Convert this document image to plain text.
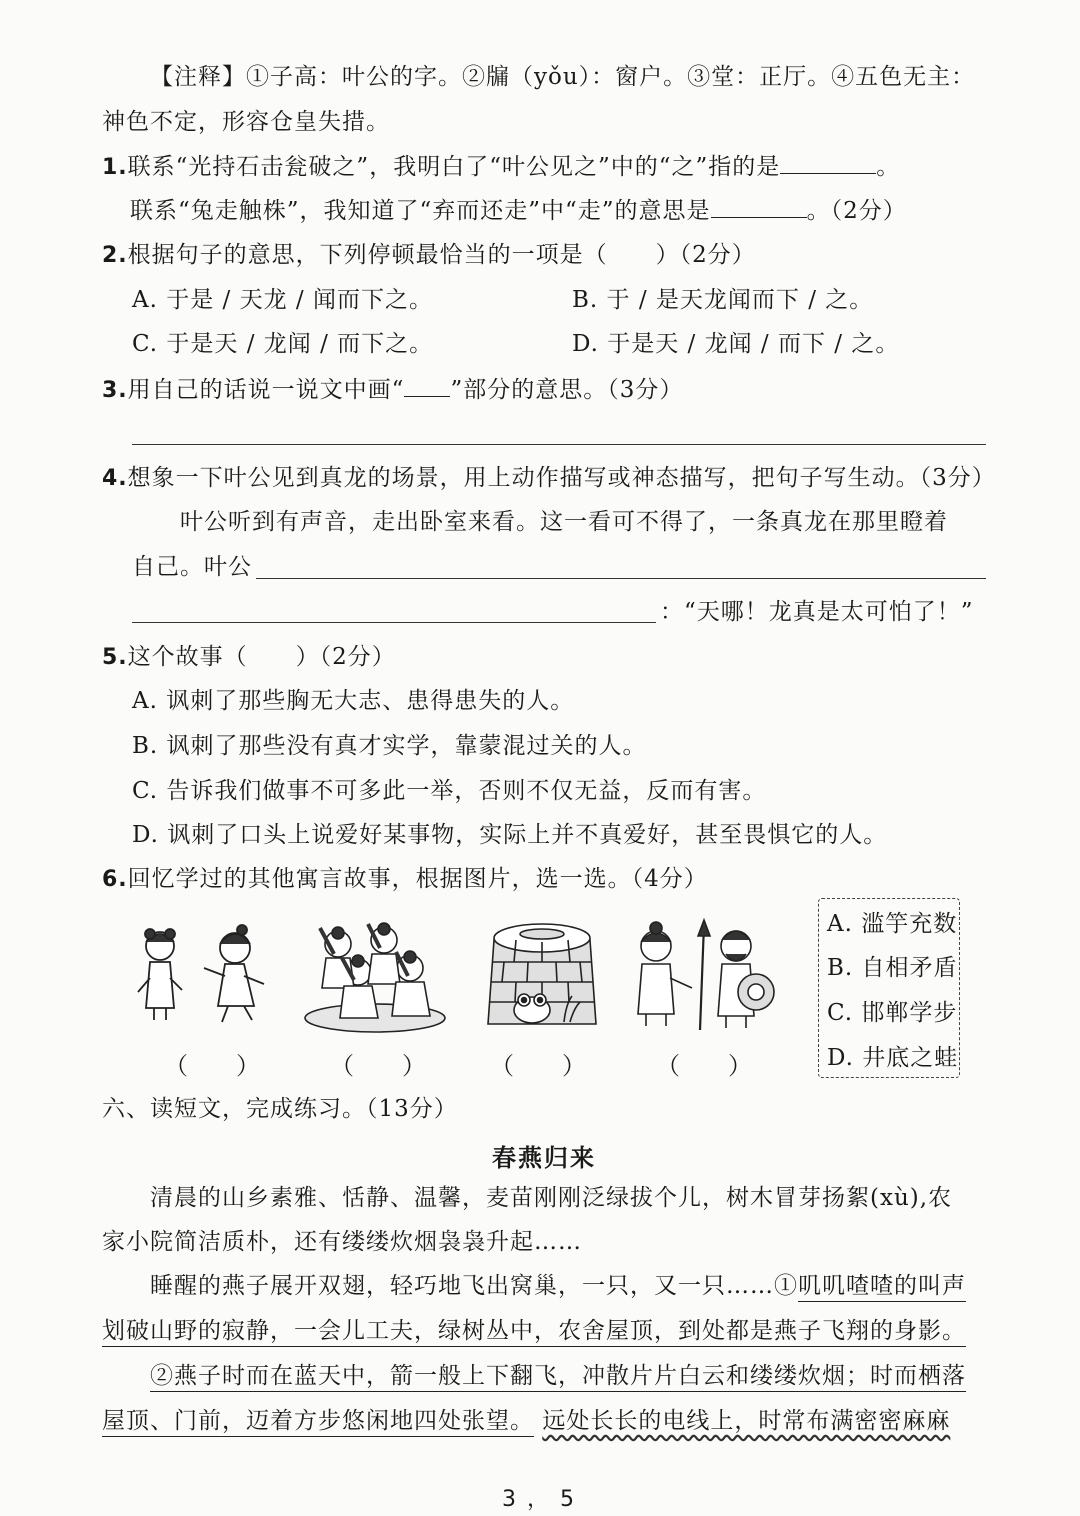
【注释】①子高：叶公的字。②牖（yǒu）：窗户。③堂：正厅。④五色无主：
神色不定，形容仓皇失措。
1.联系“光持石击瓮破之”，我明白了“叶公见之”中的“之”指的是	。
联系“兔走触株”，我知道了“弃而还走”中“走”的意思是	。（2分）
2.根据句子的意思，下列停顿最恰当的一项是（　　）（2分）
A. 于是 / 天龙 / 闻而下之。	B. 于 / 是天龙闻而下 / 之。
C. 于是天 / 龙闻 / 而下之。	D. 于是天 / 龙闻 / 而下 / 之。
3.用自己的话说一说文中画“ ”部分的意思。（3分）
4.想象一下叶公见到真龙的场景，用上动作描写或神态描写，把句子写生动。（3分）
叶公听到有声音，走出卧室来看。这一看可不得了，一条真龙在那里瞪着
自己。叶公
：“天哪！龙真是太可怕了！”
5.这个故事（　　）（2分）
A. 讽刺了那些胸无大志、患得患失的人。
B. 讽刺了那些没有真才实学，靠蒙混过关的人。
C. 告诉我们做事不可多此一举，否则不仅无益，反而有害。
D. 讽刺了口头上说爱好某事物，实际上并不真爱好，甚至畏惧它的人。
6.回忆学过的其他寓言故事，根据图片，选一选。（4分）
（　　）	（　　）	（　　）	（　　）
A. 滥竽充数
B. 自相矛盾
C. 邯郸学步
D. 井底之蛙
六、读短文，完成练习。（13分）
春燕归来
清晨的山乡素雅、恬静、温馨，麦苗刚刚泛绿拔个儿，树木冒芽扬絮(xù),农
家小院简洁质朴，还有缕缕炊烟袅袅升起……
睡醒的燕子展开双翅，轻巧地飞出窝巢，一只，又一只……①叽叽喳喳的叫声
划破山野的寂静，一会儿工夫，绿树丛中，农舍屋顶，到处都是燕子飞翔的身影。
②燕子时而在蓝天中，箭一般上下翻飞，冲散片片白云和缕缕炊烟；时而栖落
屋顶、门前，迈着方步悠闲地四处张望。 远处长长的电线上，时常布满密密麻麻
3 ， 5
